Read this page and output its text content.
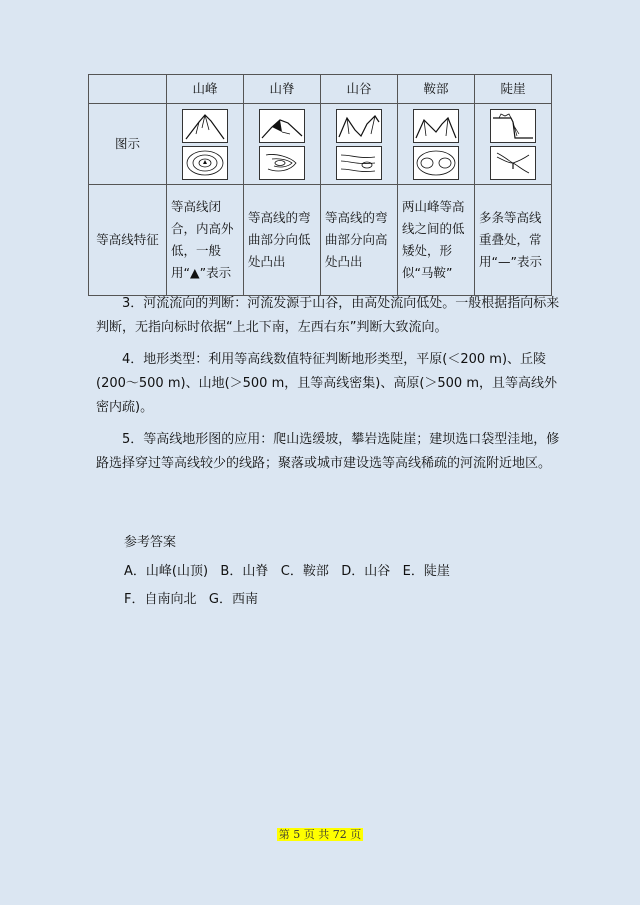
	山峰	山脊	山谷	鞍部	陡崖
图示	

等高线特征	等高线闭合，内高外低，一般用“▲”表示	等高线的弯曲部分向低处凸出	等高线的弯曲部分向高处凸出	两山峰等高线之间的低矮处，形似“马鞍”	多条等高线重叠处，常用“—”表示

3．河流流向的判断：河流发源于山谷，由高处流向低处。一般根据指向标来判断，无指向标时依据“上北下南，左西右东”判断大致流向。

4．地形类型：利用等高线数值特征判断地形类型，平原(＜200 m)、丘陵(200～500 m)、山地(＞500 m，且等高线密集)、高原(＞500 m，且等高线外密内疏)。

5．等高线地形图的应用：爬山选缓坡，攀岩选陡崖；建坝选口袋型洼地，修路选择穿过等高线较少的线路；聚落或城市建设选等高线稀疏的河流附近地区。

参考答案
A．山峰(山顶)   B．山脊   C．鞍部   D．山谷   E．陡崖
F．自南向北   G．西南
第 5 页 共 72 页
